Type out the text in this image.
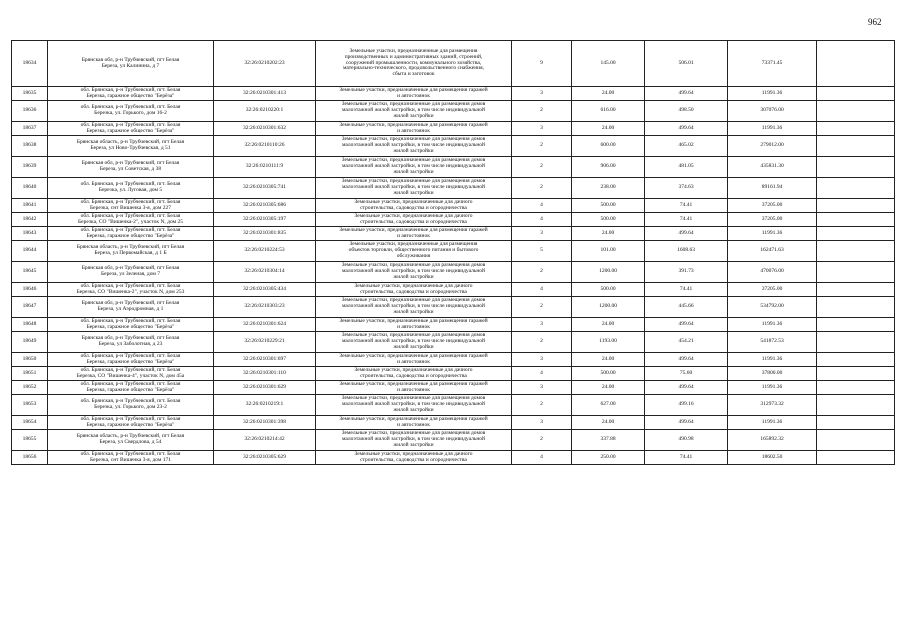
962
18634	Брянская обл, р-н Трубчевский, пгт Белая
Береза, ул Калинина, д 7	32:26:0210202:23	Земельные участки, предназначенные для размещения
производственных и административных зданий, строений,
сооружений промышленности, коммунального хозяйства,
материально-технического, продовольственного снабжения,
сбыта и заготовок	9	145.00	506.01	73371.45	
18635	обл. Брянская, р-н Трубчевский, пгт. Белая
Березка, гаражное общество "Берёза"	32:26:0210301:413	Земельные участки, предназначенные для размещения гаражей
и автостоянок	3	24.00	499.64	11991.36	
18636	обл. Брянская, р-н Трубчевский, пгт. Белая
Березка, ул. Горького, дом 16-2	32:26:0210220:1	Земельные участки, предназначенные для размещения домов
малоэтажной жилой застройки, в том числе индивидуальной
жилой застройки	2	616.00	498.50	307076.00	
18637	обл. Брянская, р-н Трубчевский, пгт. Белая
Березка, гаражное общество "Берёза"	32:26:0210301:632	Земельные участки, предназначенные для размещения гаражей
и автостоянок	3	24.00	499.64	11991.36	
18638	Брянская область, р-н Трубчевский, пгт Белая
Береза, ул Ново-Трубчевская, д 51	32:26:0210110:26	Земельные участки, предназначенные для размещения домов
малоэтажной жилой застройки, в том числе индивидуальной
жилой застройки	2	600.00	465.02	279012.00	
18639	Брянская обл, р-н Трубчевский, пгт Белая
Береза, ул Советская, д 38	32:26:0210111:9	Земельные участки, предназначенные для размещения домов
малоэтажной жилой застройки, в том числе индивидуальной
жилой застройки	2	906.00	481.05	435831.30	
18640	обл. Брянская, р-н Трубчевский, пгт. Белая
Березка, ул. Луговая, дом 5	32:26:0210305:741	Земельные участки, предназначенные для размещения домов
малоэтажной жилой застройки, в том числе индивидуальной
жилой застройки	2	238.00	374.63	89161.94	
18641	обл. Брянская, р-н Трубчевский, пгт. Белая
Березка, снт Вишенка 3-я, дом 227	32:26:0210305:686	Земельные участки, предназначенные для дачного
строительства, садоводства и огородничества	4	500.00	74.41	37205.00	
18642	обл. Брянская, р-н Трубчевский, пгт. Белая
Березка, СО "Вишенка-2", участок N, дом 25	32:26:0210305:197	Земельные участки, предназначенные для дачного
строительства, садоводства и огородничества	4	500.00	74.41	37205.00	
18643	обл. Брянская, р-н Трубчевский, пгт. Белая
Березка, гаражное общество "Берёза"	32:26:0210301:835	Земельные участки, предназначенные для размещения гаражей
и автостоянок	3	24.00	499.64	11991.36	
18644	Брянская область, р-н Трубчевский, пгт Белая
Береза, ул Первомайская, д 1 Б	32:26:0210224:53	Земельные участки, предназначенные для размещения
объектов торговли, общественного питания и бытового
обслуживания	5	101.00	1608.63	162471.63	
18645	Брянская обл, р-н Трубчевский, пгт Белая
Береза, ул Зеленая, дом 7	32:26:0210304:14	Земельные участки, предназначенные для размещения домов
малоэтажной жилой застройки, в том числе индивидуальной
жилой застройки	2	1200.00	391.73	470076.00	
18646	обл. Брянская, р-н Трубчевский, пгт. Белая
Березка, СО "Вишенка-2", участок N, дом 253	32:26:0210305:434	Земельные участки, предназначенные для дачного
строительства, садоводства и огородничества	4	500.00	74.41	37205.00	
18647	Брянская обл, р-н Трубчевский, пгт Белая
Береза, ул Аэродромная, д 1	32:26:0210303:23	Земельные участки, предназначенные для размещения домов
малоэтажной жилой застройки, в том числе индивидуальной
жилой застройки	2	1200.00	445.66	534792.00	
18648	обл. Брянская, р-н Трубчевский, пгт. Белая
Березка, гаражное общество "Берёза"	32:26:0210301:624	Земельные участки, предназначенные для размещения гаражей
и автостоянок	3	24.00	499.64	11991.36	
18649	Брянская обл, р-н Трубчевский, пгт Белая
Береза, ул Заболотная, д 23	32:26:0210229:21	Земельные участки, предназначенные для размещения домов
малоэтажной жилой застройки, в том числе индивидуальной
жилой застройки	2	1193.00	454.21	541872.53	
18650	обл. Брянская, р-н Трубчевский, пгт. Белая
Березка, гаражное общество "Берёза"	32:26:0210301:697	Земельные участки, предназначенные для размещения гаражей
и автостоянок	3	24.00	499.64	11991.36	
18651	обл. Брянская, р-н Трубчевский, пгт. Белая
Березка, СО "Вишенка-4", участок N, дом 45а	32:26:0210301:110	Земельные участки, предназначенные для дачного
строительства, садоводства и огородничества	4	500.00	75.60	37800.00	
18652	обл. Брянская, р-н Трубчевский, пгт. Белая
Березка, гаражное общество "Берёза"	32:26:0210301:629	Земельные участки, предназначенные для размещения гаражей
и автостоянок	3	24.00	499.64	11991.36	
18653	обл. Брянская, р-н Трубчевский, пгт. Белая
Березка, ул. Горького, дом 23-2	32:26:0210219:1	Земельные участки, предназначенные для размещения домов
малоэтажной жилой застройки, в том числе индивидуальной
жилой застройки	2	627.00	499.16	312973.32	
18654	обл. Брянская, р-н Трубчевский, пгт. Белая
Березка, гаражное общество "Берёза"	32:26:0210301:398	Земельные участки, предназначенные для размещения гаражей
и автостоянок	3	24.00	499.64	11991.36	
18655	Брянская область, р-н Трубчевский, пгт Белая
Береза, ул Свердлова, д 54	32:26:0210214:42	Земельные участки, предназначенные для размещения домов
малоэтажной жилой застройки, в том числе индивидуальной
жилой застройки	2	337.88	490.98	165892.32	
18656	обл. Брянская, р-н Трубчевский, пгт. Белая
Березка, снт Вишенка 3-я, дом 171	32:26:0210305:629	Земельные участки, предназначенные для дачного
строительства, садоводства и огородничества	4	250.00	74.41	18602.50	
